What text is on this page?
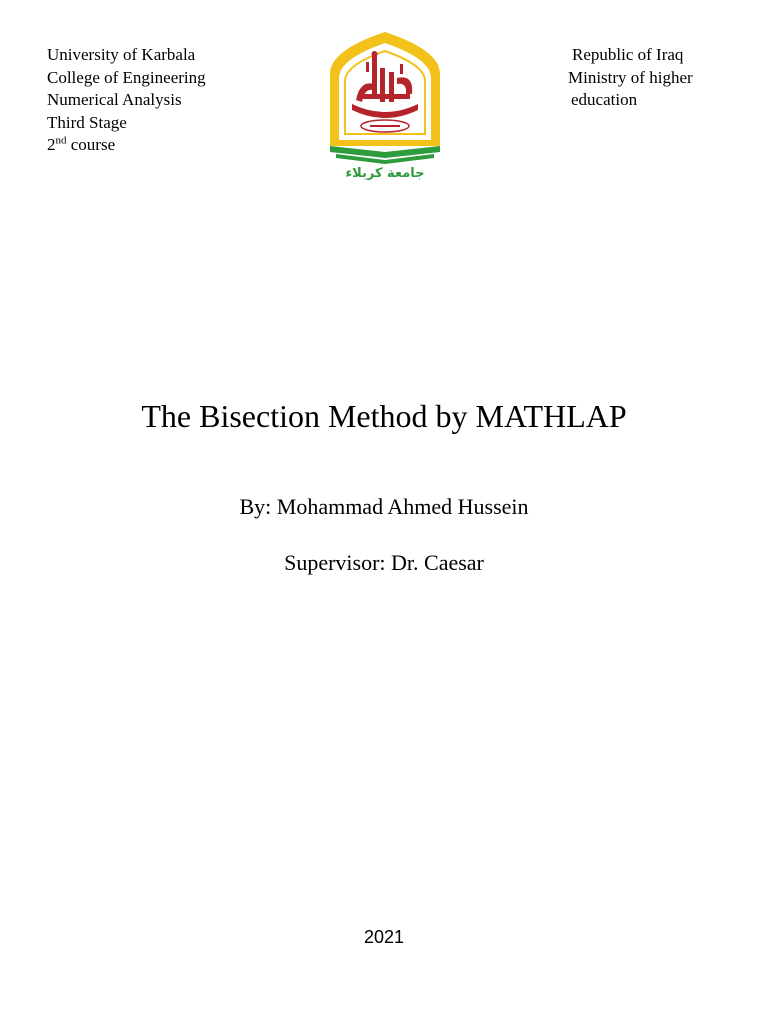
University of Karbala
College of Engineering
Numerical Analysis
Third Stage
2nd course
جامعة كربلاء
Republic of Iraq
Ministry of higher
education
The Bisection Method by MATHLAP
By: Mohammad Ahmed Hussein
Supervisor: Dr. Caesar
2021
